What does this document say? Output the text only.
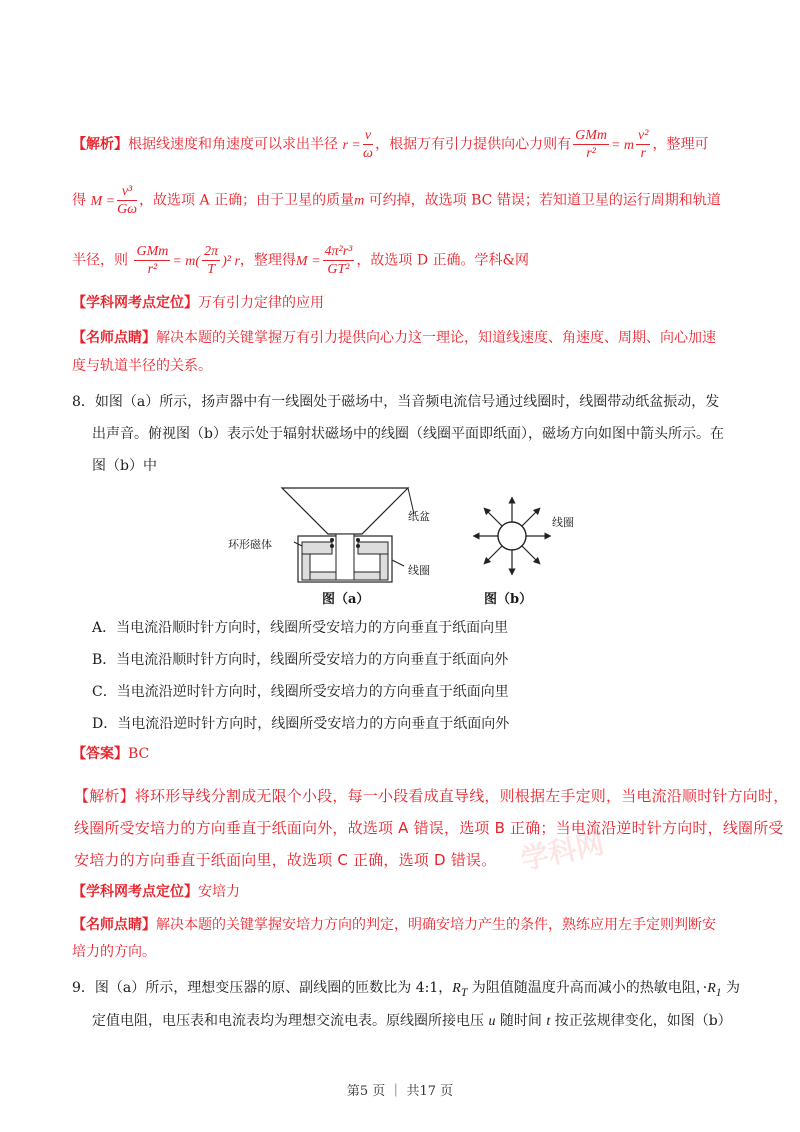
【解析】根据线速度和角速度可以求出半径 $r = \frac{v}{\omega}$ ，根据万有引力提供向心力则有 $\frac{\text{GMm}}{\text{r²}} = m \frac{\text{v²}}{r}$ ，整理可
得 $M = \frac{\text{v³}}{G\omega}$ ，故选项 A 正确；由于卫星的质量m 可约掉，故选项 BC 错误；若知道卫星的运行周期和轨道
半径，则 $\frac{\text{GMm}}{\text{r²}} = m( \frac{2\pi}{T} )^2$ r，整理得$M = \frac{\text{4π²r³}}{\text{GT²}}$ ，故选项 D 正确。学科&网
【学科网考点定位】万有引力定律的应用
【名师点睛】解决本题的关键掌握万有引力提供向心力这一理论，知道线速度、角速度、周期、向心加速
度与轨道半径的关系。
8．如图（a）所示，扬声器中有一线圈处于磁场中，当音频电流信号通过线圈时，线圈带动纸盆振动，发
出声音。俯视图（b）表示处于辐射状磁场中的线圈（线圈平面即纸面），磁场方向如图中箭头所示。在
图（b）中
纸盆
环形磁体
线圈
图（a）
线圈
图（b）
A．当电流沿顺时针方向时，线圈所受安培力的方向垂直于纸面向里
B．当电流沿顺时针方向时，线圈所受安培力的方向垂直于纸面向外
C．当电流沿逆时针方向时，线圈所受安培力的方向垂直于纸面向里
D．当电流沿逆时针方向时，线圈所受安培力的方向垂直于纸面向外
【答案】BC
【解析】将环形导线分割成无限个小段，每一小段看成直导线，则根据左手定则，当电流沿顺时针方向时，
线圈所受安培力的方向垂直于纸面向外，故选项 A 错误，选项 B 正确；当电流沿逆时针方向时，线圈所受
安培力的方向垂直于纸面向里，故选项 C 正确，选项 D 错误。 学科网
【学科网考点定位】安培力
【名师点睛】解决本题的关键掌握安培力方向的判定，明确安培力产生的条件，熟练应用左手定则判断安
培力的方向。
9．图（a）所示，理想变压器的原、副线圈的匝数比为 4:1，$R_T$ 为阻值随温度升高而减小的热敏电阻，$\cdot R_1$ 为
定值电阻，电压表和电流表均为理想交流电表。原线圈所接电压 u 随时间 t 按正弦规律变化，如图（b）
第5 页 ｜ 共17 页
